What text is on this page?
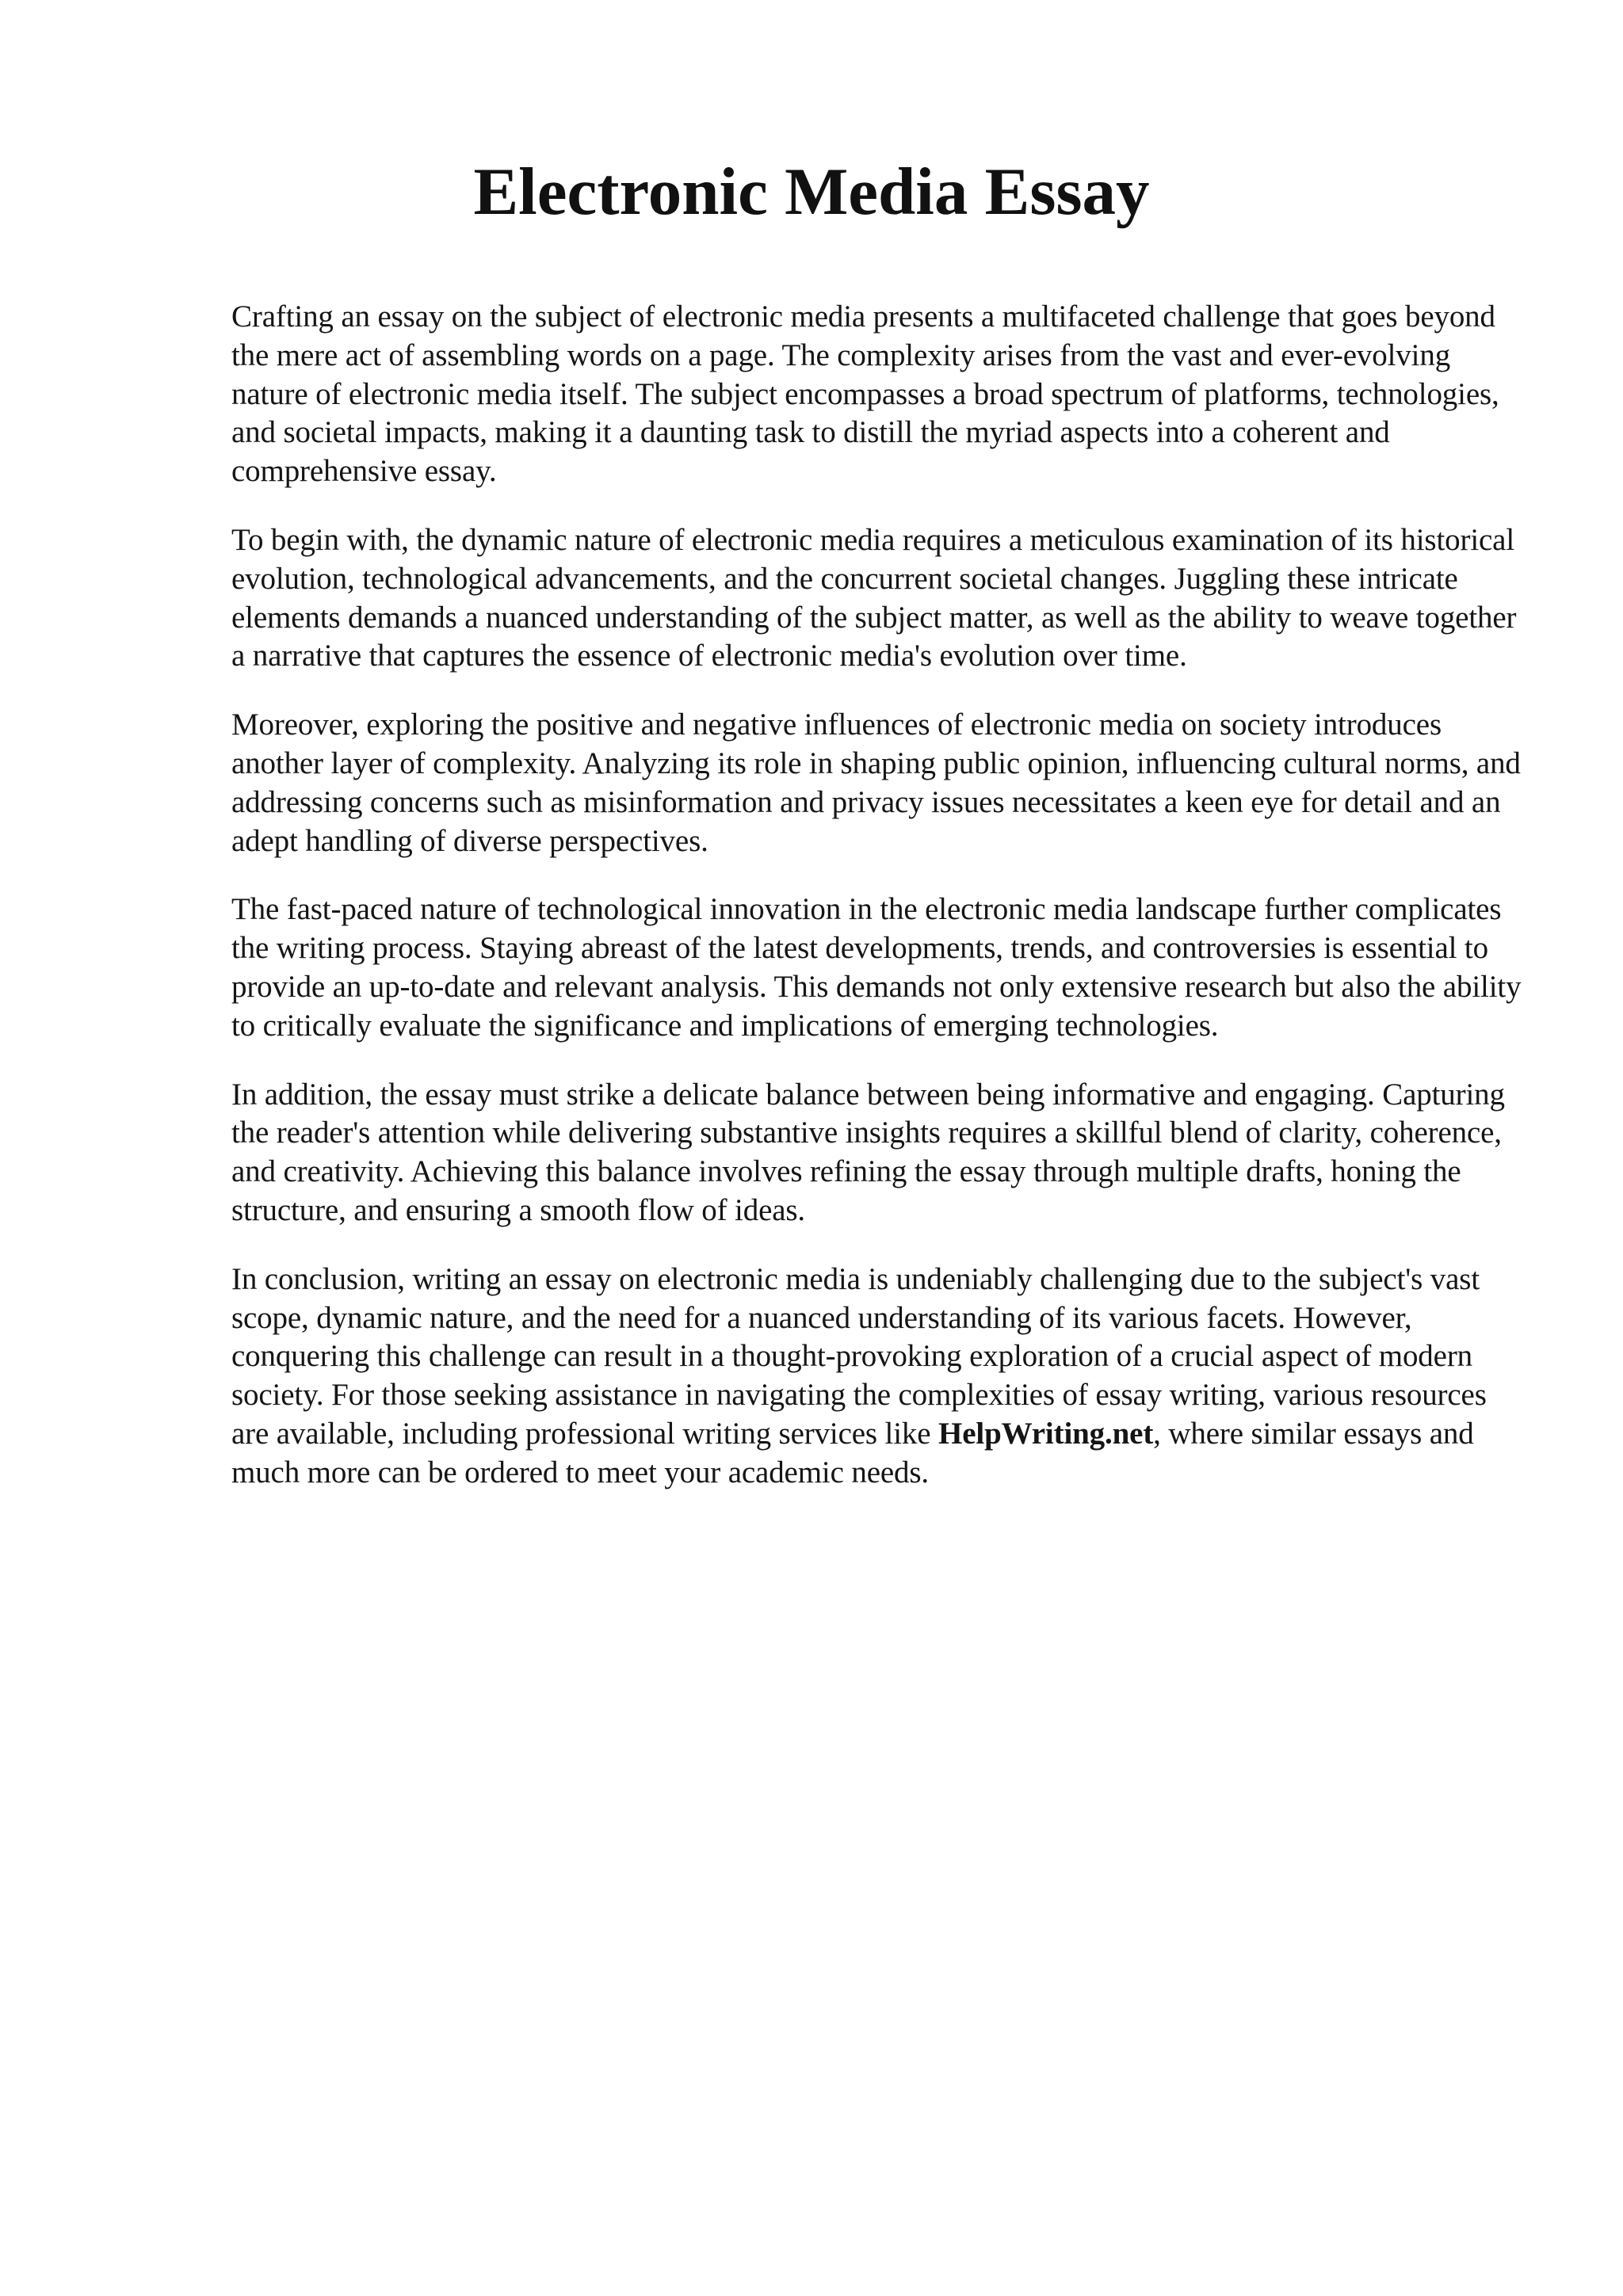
Electronic Media Essay

Crafting an essay on the subject of electronic media presents a multifaceted challenge that goes beyond the mere act of assembling words on a page. The complexity arises from the vast and ever-evolving nature of electronic media itself. The subject encompasses a broad spectrum of platforms, technologies, and societal impacts, making it a daunting task to distill the myriad aspects into a coherent and comprehensive essay.

To begin with, the dynamic nature of electronic media requires a meticulous examination of its historical evolution, technological advancements, and the concurrent societal changes. Juggling these intricate elements demands a nuanced understanding of the subject matter, as well as the ability to weave together a narrative that captures the essence of electronic media's evolution over time.

Moreover, exploring the positive and negative influences of electronic media on society introduces another layer of complexity. Analyzing its role in shaping public opinion, influencing cultural norms, and addressing concerns such as misinformation and privacy issues necessitates a keen eye for detail and an adept handling of diverse perspectives.

The fast-paced nature of technological innovation in the electronic media landscape further complicates the writing process. Staying abreast of the latest developments, trends, and controversies is essential to provide an up-to-date and relevant analysis. This demands not only extensive research but also the ability to critically evaluate the significance and implications of emerging technologies.

In addition, the essay must strike a delicate balance between being informative and engaging. Capturing the reader's attention while delivering substantive insights requires a skillful blend of clarity, coherence, and creativity. Achieving this balance involves refining the essay through multiple drafts, honing the structure, and ensuring a smooth flow of ideas.

In conclusion, writing an essay on electronic media is undeniably challenging due to the subject's vast scope, dynamic nature, and the need for a nuanced understanding of its various facets. However, conquering this challenge can result in a thought-provoking exploration of a crucial aspect of modern society. For those seeking assistance in navigating the complexities of essay writing, various resources are available, including professional writing services like HelpWriting.net, where similar essays and much more can be ordered to meet your academic needs.
